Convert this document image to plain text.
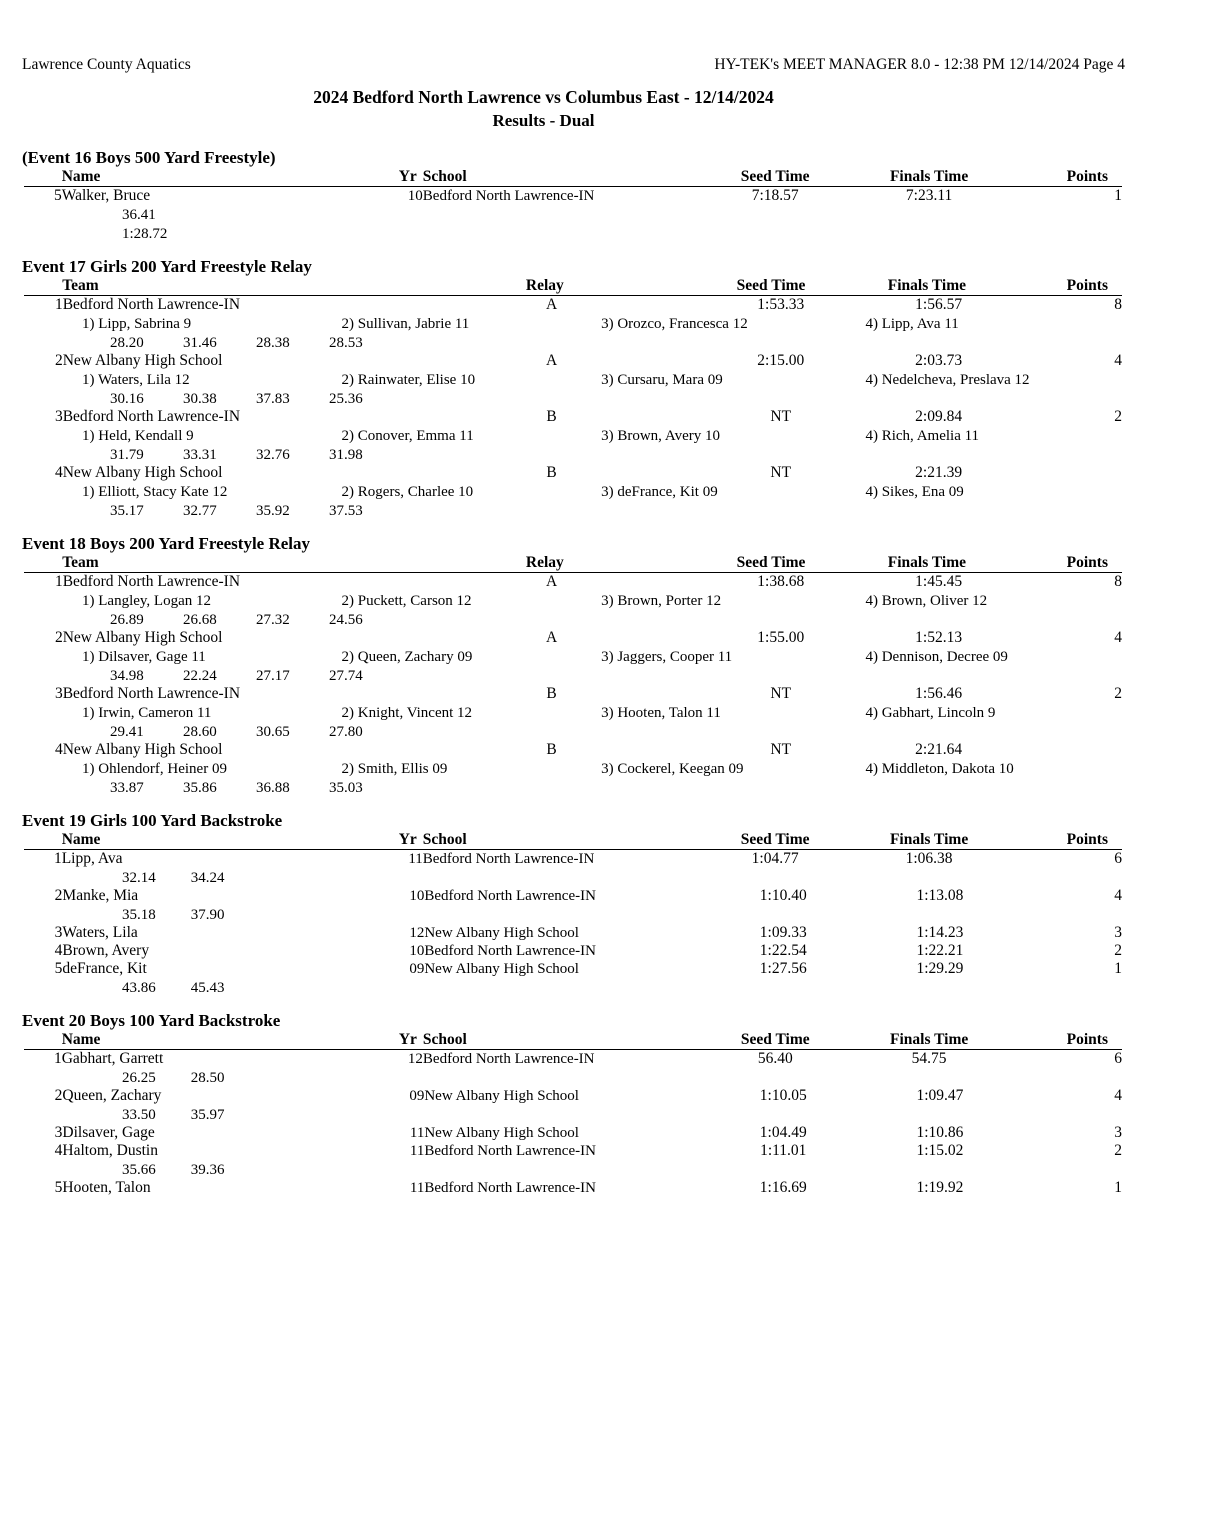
Lawrence County Aquatics	HY-TEK's MEET MANAGER 8.0 - 12:38 PM 12/14/2024 Page 4
2024 Bedford North Lawrence vs Columbus East - 12/14/2024
Results - Dual
(Event 16 Boys 500 Yard Freestyle)
	Name	Yr	School	Seed Time	Finals Time	Points
5	Walker, Bruce	10	Bedford North Lawrence-IN	7:18.57	7:23.11	1
36.41
1:28.72
Event 17 Girls 200 Yard Freestyle Relay
	Team	Relay	Seed Time	Finals Time	Points
1	Bedford North Lawrence-IN	A	1:53.33	1:56.57	8
1) Lipp, Sabrina 9	2) Sullivan, Jabrie 11	3) Orozco, Francesca 12	4) Lipp, Ava 11
28.20	31.46	28.38	28.53
2	New Albany High School	A	2:15.00	2:03.73	4
1) Waters, Lila 12	2) Rainwater, Elise 10	3) Cursaru, Mara 09	4) Nedelcheva, Preslava 12
30.16	30.38	37.83	25.36
3	Bedford North Lawrence-IN	B	NT	2:09.84	2
1) Held, Kendall 9	2) Conover, Emma 11	3) Brown, Avery 10	4) Rich, Amelia 11
31.79	33.31	32.76	31.98
4	New Albany High School	B	NT	2:21.39	
1) Elliott, Stacy Kate 12	2) Rogers, Charlee 10	3) deFrance, Kit 09	4) Sikes, Ena 09
35.17	32.77	35.92	37.53
Event 18 Boys 200 Yard Freestyle Relay
	Team	Relay	Seed Time	Finals Time	Points
1	Bedford North Lawrence-IN	A	1:38.68	1:45.45	8
1) Langley, Logan 12	2) Puckett, Carson 12	3) Brown, Porter 12	4) Brown, Oliver 12
26.89	26.68	27.32	24.56
2	New Albany High School	A	1:55.00	1:52.13	4
1) Dilsaver, Gage 11	2) Queen, Zachary 09	3) Jaggers, Cooper 11	4) Dennison, Decree 09
34.98	22.24	27.17	27.74
3	Bedford North Lawrence-IN	B	NT	1:56.46	2
1) Irwin, Cameron 11	2) Knight, Vincent 12	3) Hooten, Talon 11	4) Gabhart, Lincoln 9
29.41	28.60	30.65	27.80
4	New Albany High School	B	NT	2:21.64	
1) Ohlendorf, Heiner 09	2) Smith, Ellis 09	3) Cockerel, Keegan 09	4) Middleton, Dakota 10
33.87	35.86	36.88	35.03
Event 19 Girls 100 Yard Backstroke
	Name	Yr	School	Seed Time	Finals Time	Points
1	Lipp, Ava	11	Bedford North Lawrence-IN	1:04.77	1:06.38	6
32.14 34.24
2	Manke, Mia	10	Bedford North Lawrence-IN	1:10.40	1:13.08	4
35.18 37.90
3	Waters, Lila	12	New Albany High School	1:09.33	1:14.23	3
4	Brown, Avery	10	Bedford North Lawrence-IN	1:22.54	1:22.21	2
5	deFrance, Kit	09	New Albany High School	1:27.56	1:29.29	1
43.86 45.43
Event 20 Boys 100 Yard Backstroke
	Name	Yr	School	Seed Time	Finals Time	Points
1	Gabhart, Garrett	12	Bedford North Lawrence-IN	56.40	54.75	6
26.25 28.50
2	Queen, Zachary	09	New Albany High School	1:10.05	1:09.47	4
33.50 35.97
3	Dilsaver, Gage	11	New Albany High School	1:04.49	1:10.86	3
4	Haltom, Dustin	11	Bedford North Lawrence-IN	1:11.01	1:15.02	2
35.66 39.36
5	Hooten, Talon	11	Bedford North Lawrence-IN	1:16.69	1:19.92	1
